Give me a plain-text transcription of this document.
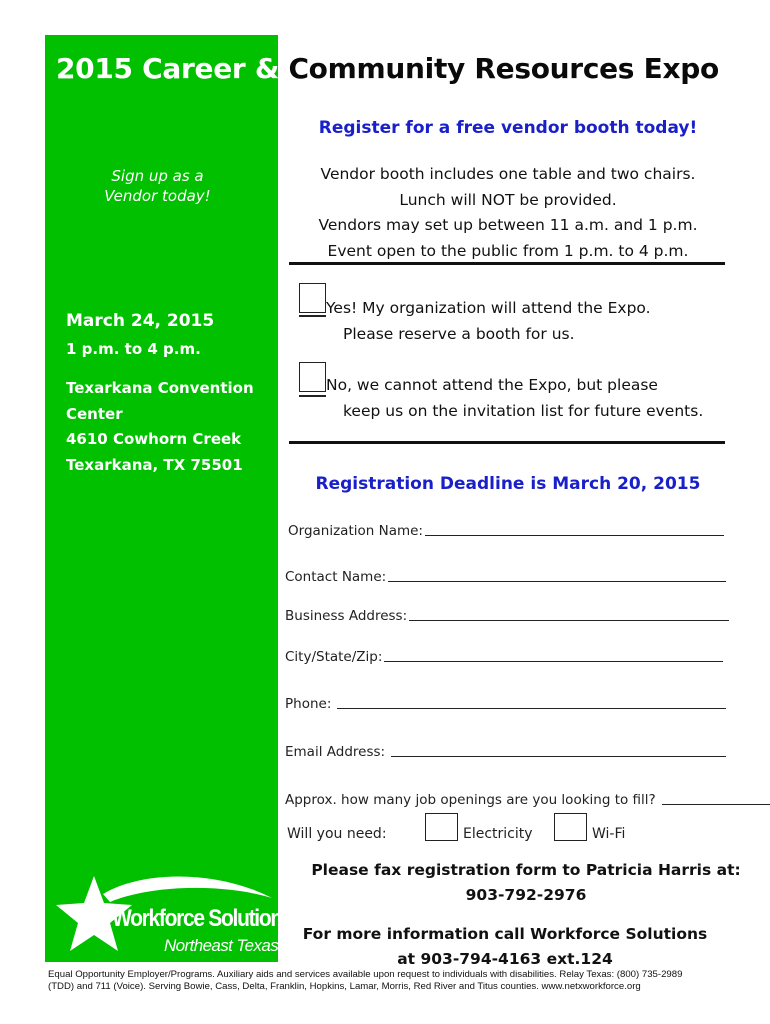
2015 Career & Community Resources Expo
Sign up as a
Vendor today!
March 24, 2015
1 p.m. to 4 p.m.
Texarkana Convention
Center
4610 Cowhorn Creek
Texarkana, TX 75501
Register for a free vendor booth today!
Vendor booth includes one table and two chairs.
Lunch will NOT be provided.
Vendors may set up between 11 a.m. and 1 p.m.
Event open to the public from 1 p.m. to 4 p.m.
Yes! My organization will attend the Expo.
Please reserve a booth for us.
No, we cannot attend the Expo, but please
keep us on the invitation list for future events.
Registration Deadline is March 20, 2015
Organization Name:
Contact Name:
Business Address:
City/State/Zip:
Phone:
Email Address:
Approx. how many job openings are you looking to fill?
Will you need:	Electricity	Wi-Fi
Please fax registration form to Patricia Harris at:
903-792-2976
For more information call Workforce Solutions
at 903-794-4163 ext.124
Workforce Solutions
Northeast Texas
Equal Opportunity Employer/Programs. Auxiliary aids and services available upon request to individuals with disabilities. Relay Texas: (800) 735-2989
(TDD) and 711 (Voice). Serving Bowie, Cass, Delta, Franklin, Hopkins, Lamar, Morris, Red River and Titus counties. www.netxworkforce.org
